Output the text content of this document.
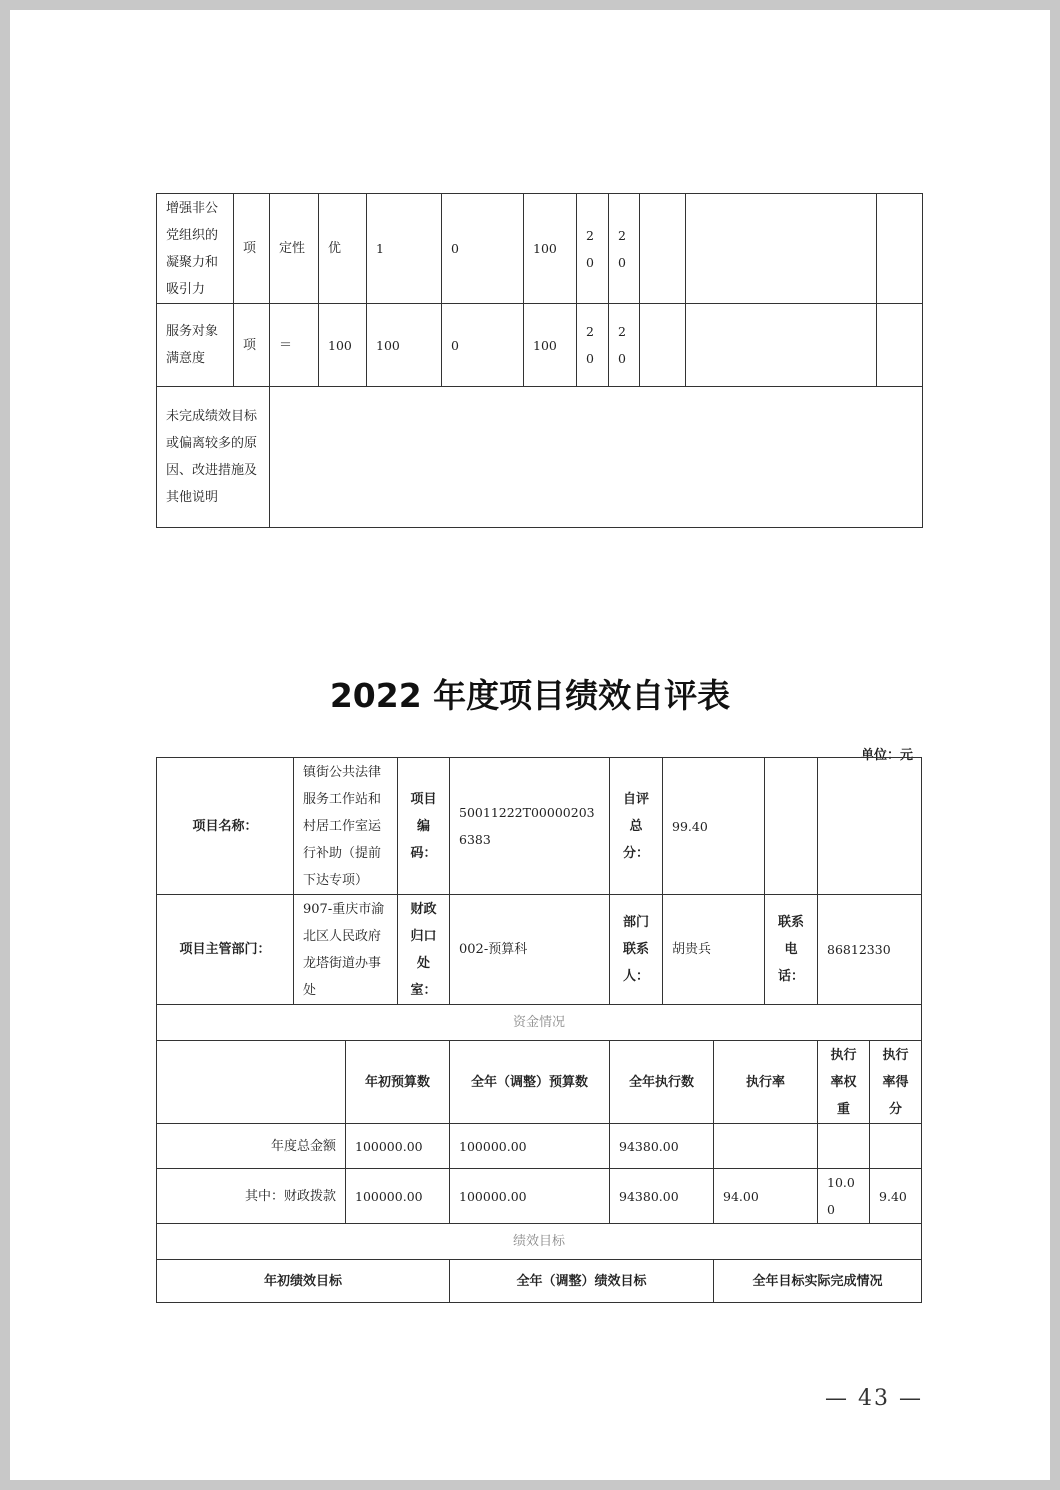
增强非公党组织的凝聚力和吸引力	项	定性	优	1	0	100	20	20			
服务对象满意度	项	＝	100	100	0	100	20	20			
未完成绩效目标或偏离较多的原因、改进措施及其他说明											
2022 年度项目绩效自评表
单位：元
项目名称：	镇街公共法律服务工作站和村居工作室运行补助（提前下达专项）		项目编码：	50011222T000002036383	自评总分：	99.40				
项目主管部门：	907-重庆市渝北区人民政府龙塔街道办事处		财政归口处室：	002-预算科	部门联系人：	胡贵兵		联系电话：	86812330	
资金情况										
		年初预算数		全年（调整）预算数	全年执行数		执行率		执行率权重	执行率得分
年度总金额		100000.00		100000.00	94380.00					
其中：财政拨款		100000.00		100000.00	94380.00		94.00		10.00	9.40
绩效目标										
年初绩效目标				全年（调整）绩效目标			全年目标实际完成情况			
— 43 —
